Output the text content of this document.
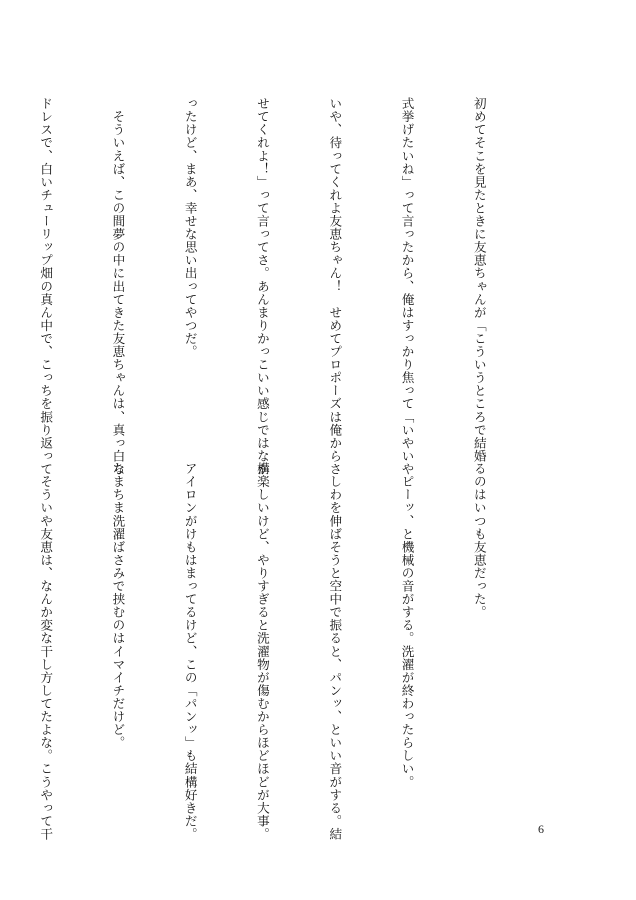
初めてそこを見たときに友恵ちゃんが「こういうところで結婚

式挙げたいね」って言ったから、俺はすっかり焦って「いやいや

いや、待ってくれよ友恵ちゃん！　せめてプロポーズは俺からさ

せてくれよ！」って言ってさ。あんまりかっこいい感じではなか

ったけど、まあ、幸せな思い出ってやつだ。

　そういえば、この間夢の中に出てきた友恵ちゃんは、真っ白な

ドレスで、白いチューリップ畑の真ん中で、こっちを振り返って

るのはいつも友恵だった。

　ピーッ、と機械の音がする。洗濯が終わったらしい。

　しわを伸ばそうと空中で振ると、パンッ、といい音がする。結

構楽しいけど、やりすぎると洗濯物が傷むからほどほどが大事。

アイロンがけもはまってるけど、この「パンッ」も結構好きだ。

ちまちま洗濯ばさみで挟むのはイマイチだけど。

　そういや友恵は、なんか変な干し方してたよな。こうやって干

	6
